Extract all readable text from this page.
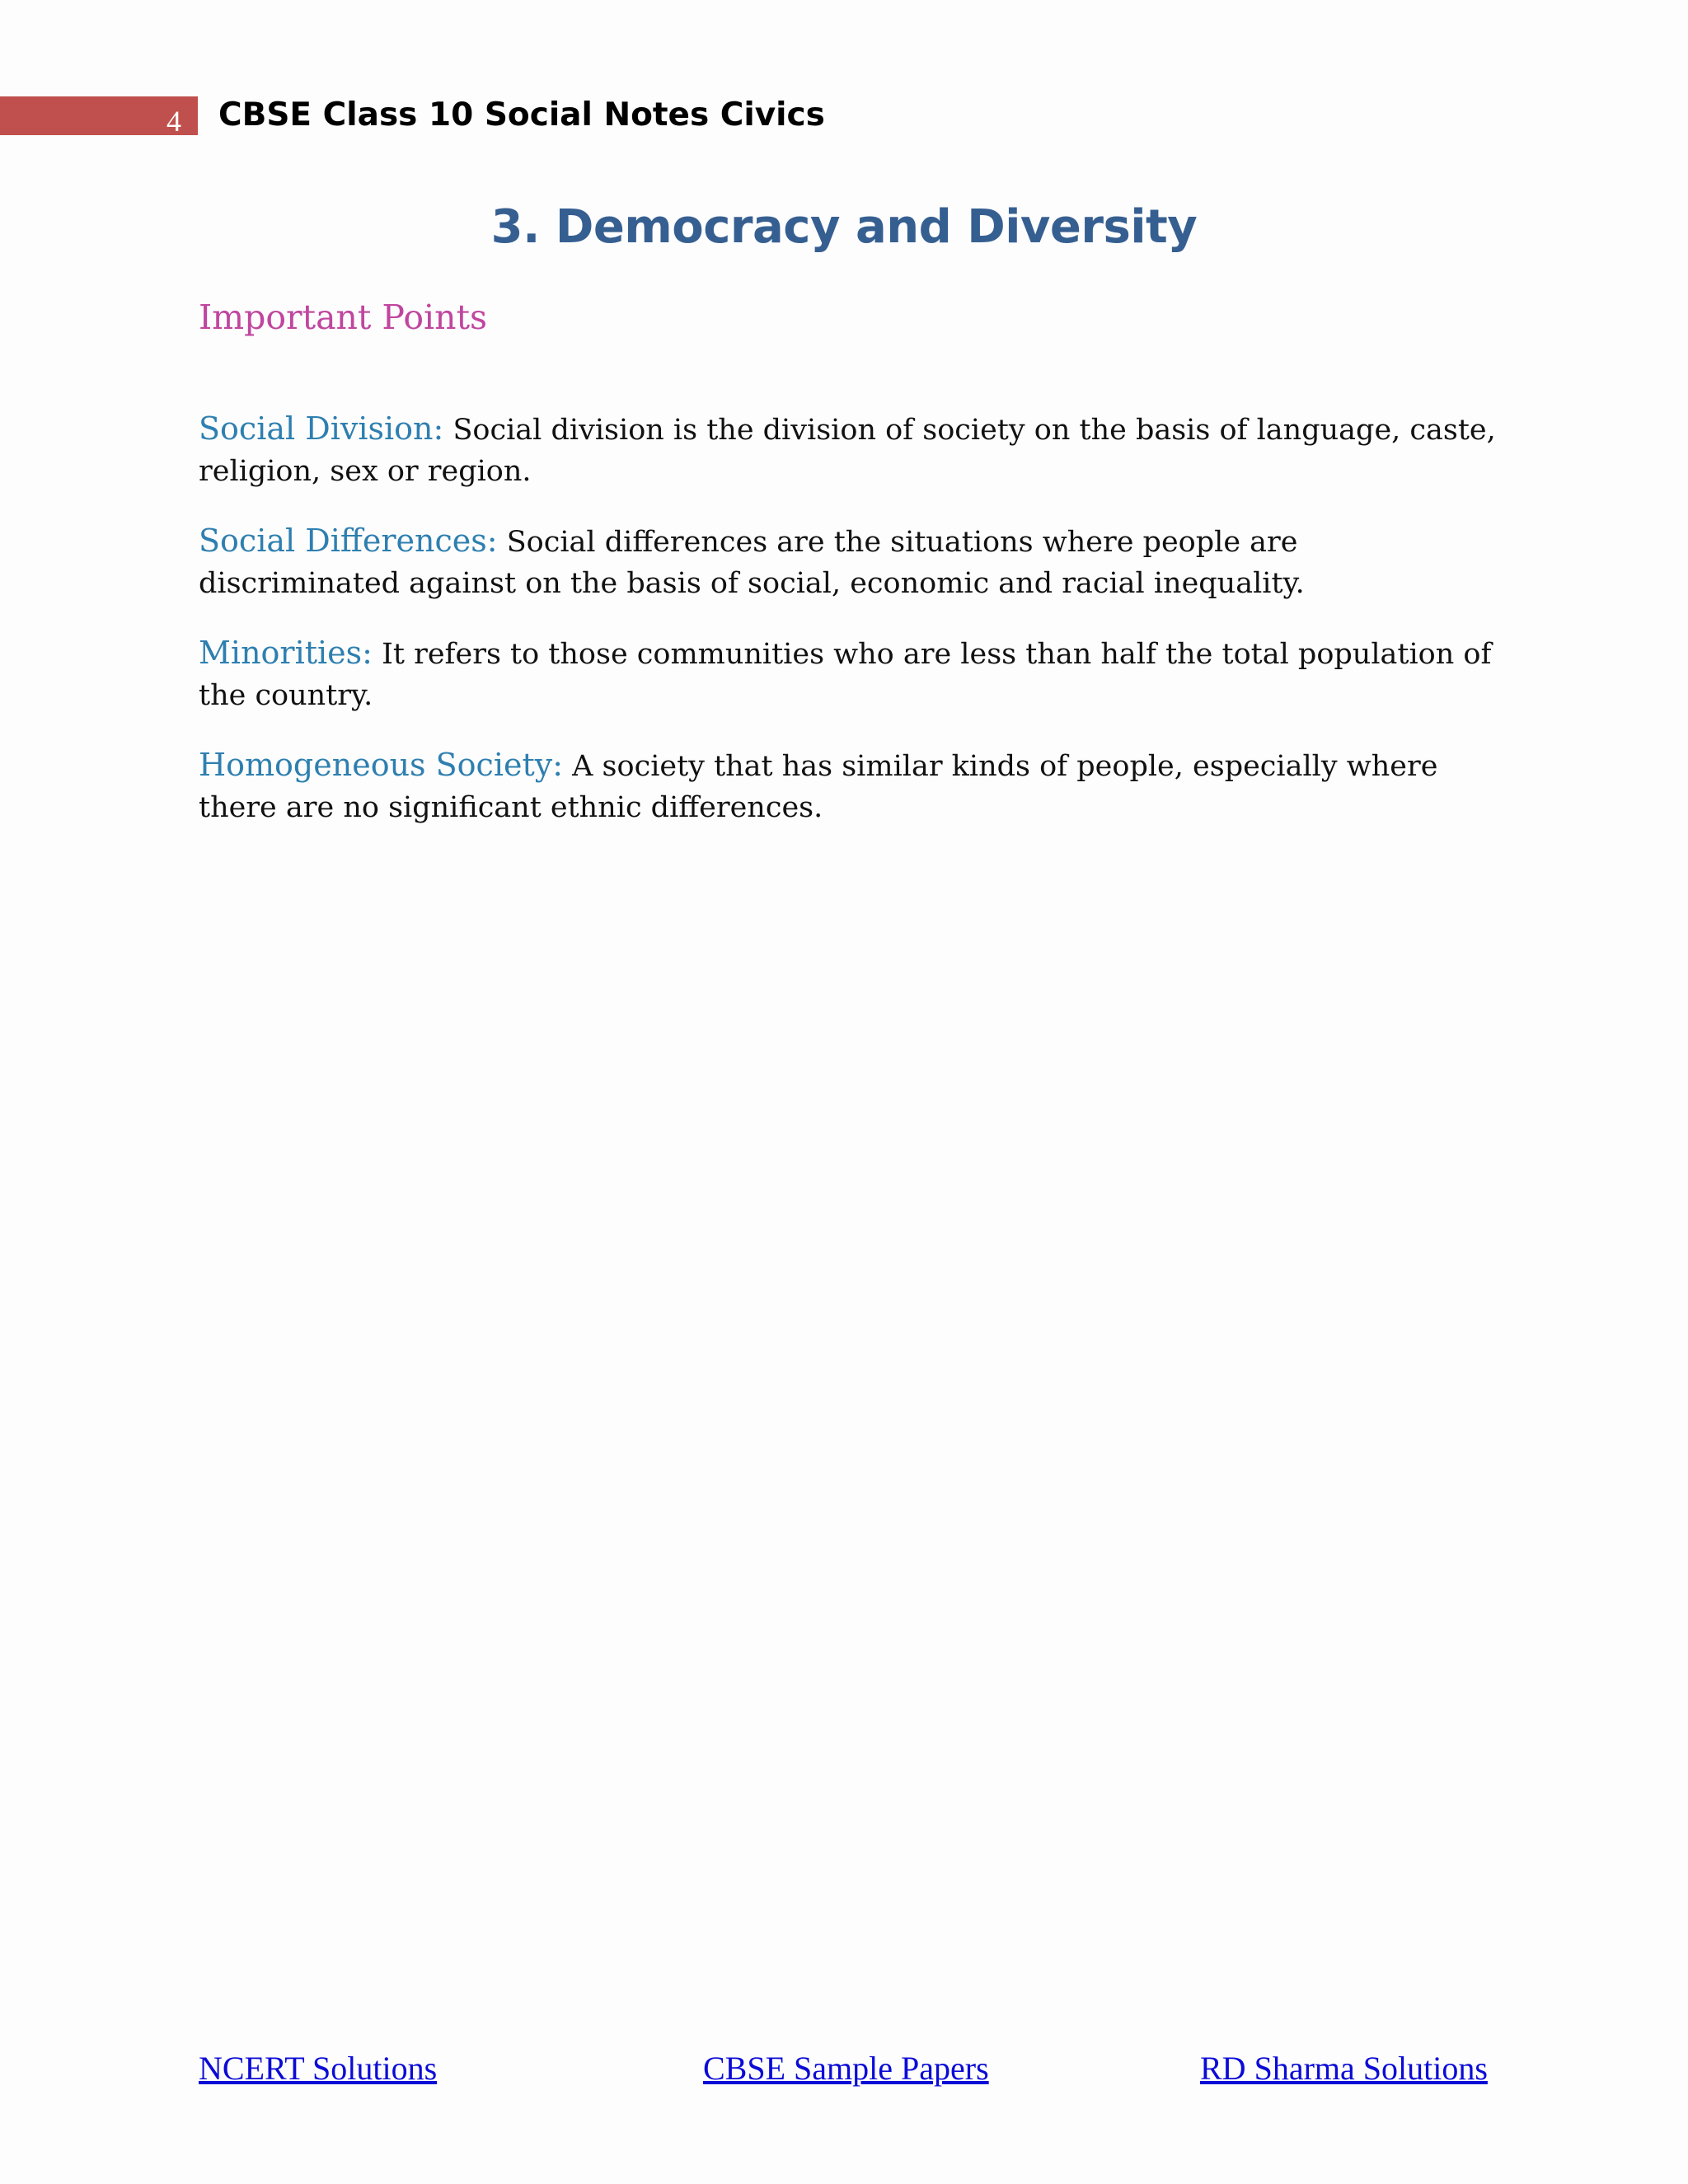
4 CBSE Class 10 Social Notes Civics
3. Democracy and Diversity
Important Points

Social Division: Social division is the division of society on the basis of language, caste, religion, sex or region.

Social Differences: Social differences are the situations where people are discriminated against on the basis of social, economic and racial inequality.

Minorities: It refers to those communities who are less than half the total population of the country.

Homogeneous Society: A society that has similar kinds of people, especially where there are no significant ethnic differences.

NCERT Solutions	CBSE Sample Papers	RD Sharma Solutions
